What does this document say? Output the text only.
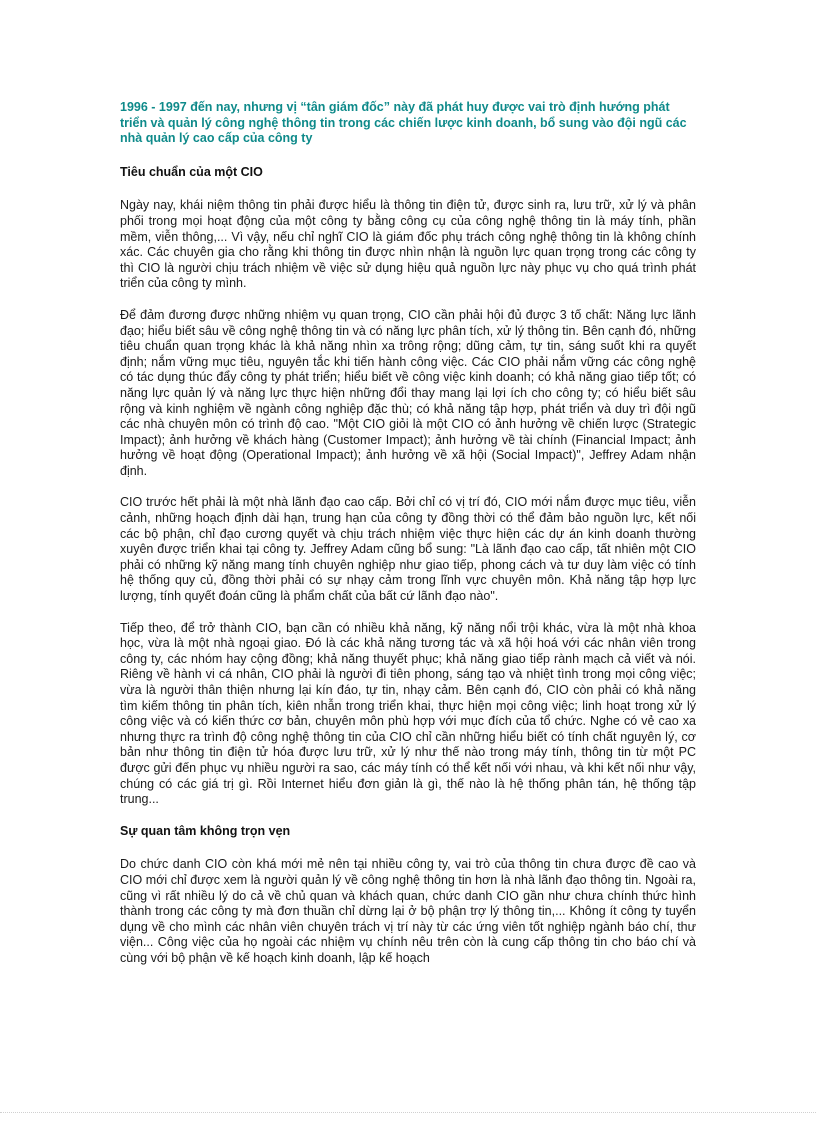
1996 - 1997 đến nay, nhưng vị “tân giám đốc” này đã phát huy được vai trò định hướng phát triển và quản lý công nghệ thông tin trong các chiến lược kinh doanh, bổ sung vào đội ngũ các nhà quản lý cao cấp của công ty

Tiêu chuẩn của một CIO

Ngày nay, khái niệm thông tin phải được hiểu là thông tin điện tử, được sinh ra, lưu trữ, xử lý và phân phối trong mọi hoạt động của một công ty bằng công cụ của công nghệ thông tin là máy tính, phần mềm, viễn thông,... Vì vậy, nếu chỉ nghĩ CIO là giám đốc phụ trách công nghệ thông tin là không chính xác. Các chuyên gia cho rằng khi thông tin được nhìn nhận là nguồn lực quan trọng trong các công ty thì CIO là người chịu trách nhiệm về việc sử dụng hiệu quả nguồn lực này phục vụ cho quá trình phát triển của công ty mình.

Để đảm đương được những nhiệm vụ quan trọng, CIO cần phải hội đủ được 3 tố chất: Năng lực lãnh đạo; hiểu biết sâu về công nghệ thông tin và có năng lực phân tích, xử lý thông tin. Bên cạnh đó, những tiêu chuẩn quan trọng khác là khả năng nhìn xa trông rộng; dũng cảm, tự tin, sáng suốt khi ra quyết định; nắm vững mục tiêu, nguyên tắc khi tiến hành công việc. Các CIO phải nắm vững các công nghệ có tác dụng thúc đẩy công ty phát triển; hiểu biết về công việc kinh doanh; có khả năng giao tiếp tốt; có năng lực quản lý và năng lực thực hiện những đổi thay mang lại lợi ích cho công ty; có hiểu biết sâu rộng và kinh nghiệm về ngành công nghiệp đặc thù; có khả năng tập hợp, phát triển và duy trì đội ngũ các nhà chuyên môn có trình độ cao. "Một CIO giỏi là một CIO có ảnh hưởng về chiến lược (Strategic Impact); ảnh hưởng về khách hàng (Customer Impact); ảnh hưởng về tài chính (Financial Impact; ảnh hưởng về hoạt động (Operational Impact); ảnh hưởng về xã hội (Social Impact)", Jeffrey Adam nhận định.

CIO trước hết phải là một nhà lãnh đạo cao cấp. Bởi chỉ có vị trí đó, CIO mới nắm được mục tiêu, viễn cảnh, những hoạch định dài hạn, trung hạn của công ty đồng thời có thể đảm bảo nguồn lực, kết nối các bộ phận, chỉ đạo cương quyết và chịu trách nhiệm việc thực hiện các dự án kinh doanh thường xuyên được triển khai tại công ty. Jeffrey Adam cũng bổ sung: "Là lãnh đạo cao cấp, tất nhiên một CIO phải có những kỹ năng mang tính chuyên nghiệp như giao tiếp, phong cách và tư duy làm việc có tính hệ thống quy củ, đồng thời phải có sự nhạy cảm trong lĩnh vực chuyên môn. Khả năng tập hợp lực lượng, tính quyết đoán cũng là phẩm chất của bất cứ lãnh đạo nào".

Tiếp theo, để trở thành CIO, bạn cần có nhiều khả năng, kỹ năng nổi trội khác, vừa là một nhà khoa học, vừa là một nhà ngoại giao. Đó là các khả năng tương tác và xã hội hoá với các nhân viên trong công ty, các nhóm hay cộng đồng; khả năng thuyết phục; khả năng giao tiếp rành mạch cả viết và nói. Riêng về hành vi cá nhân, CIO phải là người đi tiên phong, sáng tạo và nhiệt tình trong mọi công việc; vừa là người thân thiện nhưng lại kín đáo, tự tin, nhạy cảm. Bên cạnh đó, CIO còn phải có khả năng tìm kiếm thông tin phân tích, kiên nhẫn trong triển khai, thực hiện mọi công việc; linh hoạt trong xử lý công việc và có kiến thức cơ bản, chuyên môn phù hợp với mục đích của tổ chức. Nghe có vẻ cao xa nhưng thực ra trình độ công nghệ thông tin của CIO chỉ cần những hiểu biết có tính chất nguyên lý, cơ bản như thông tin điện tử hóa được lưu trữ, xử lý như thế nào trong máy tính, thông tin từ một PC được gửi đến phục vụ nhiều người ra sao, các máy tính có thể kết nối với nhau, và khi kết nối như vậy, chúng có các giá trị gì. Rồi Internet hiểu đơn giản là gì, thế nào là hệ thống phân tán, hệ thống tập trung...

Sự quan tâm không trọn vẹn

Do chức danh CIO còn khá mới mẻ nên tại nhiều công ty, vai trò của thông tin chưa được đề cao và CIO mới chỉ được xem là người quản lý về công nghệ thông tin hơn là nhà lãnh đạo thông tin. Ngoài ra, cũng vì rất nhiều lý do cả về chủ quan và khách quan, chức danh CIO gần như chưa chính thức hình thành trong các công ty mà đơn thuần chỉ dừng lại ở bộ phận trợ lý thông tin,... Không ít công ty tuyển dụng về cho mình các nhân viên chuyên trách vị trí này từ các ứng viên tốt nghiệp ngành báo chí, thư viện... Công việc của họ ngoài các nhiệm vụ chính nêu trên còn là cung cấp thông tin cho báo chí và cùng với bộ phận về kế hoạch kinh doanh, lập kế hoạch
